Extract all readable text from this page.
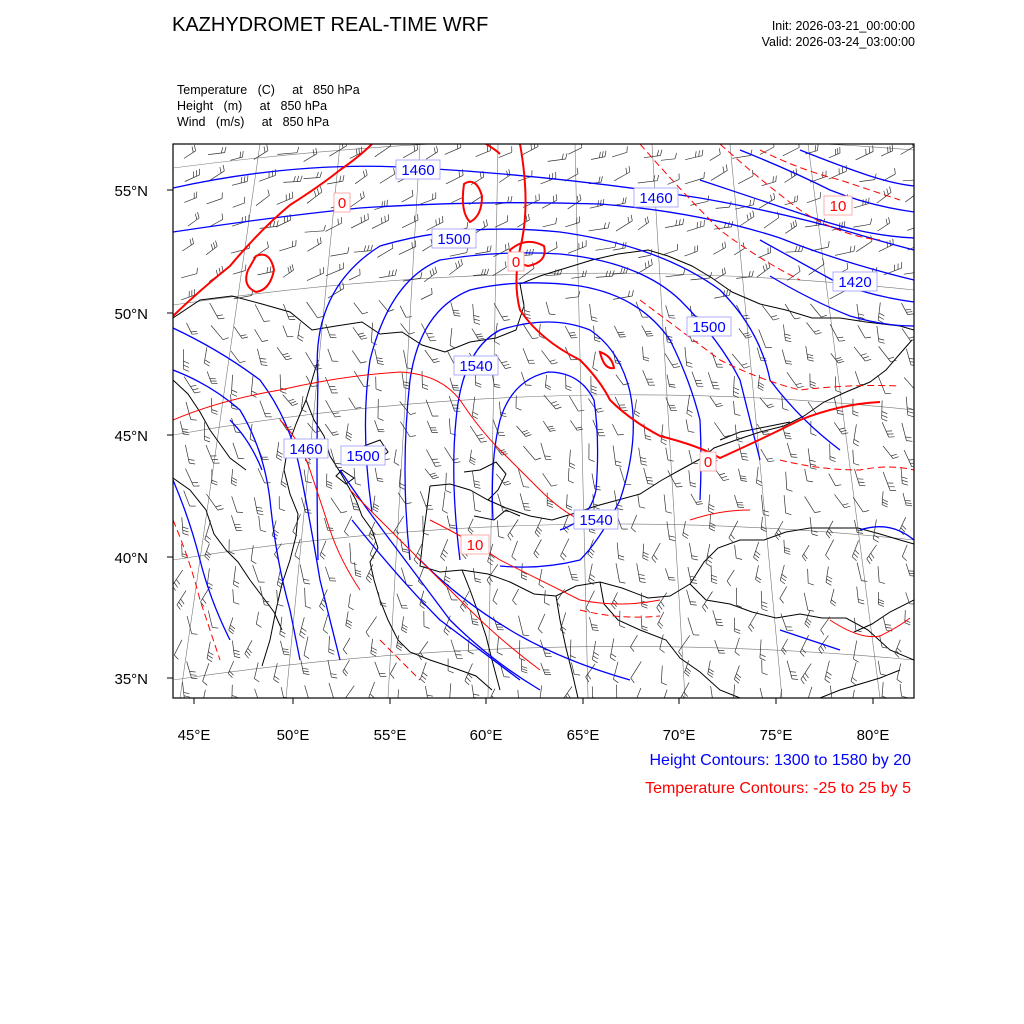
KAZHYDROMET REAL-TIME WRF	Init: 2026-03-21_00:00:00
Valid: 2026-03-24_03:00:00
Temperature   (C)     at   850 hPa
Height   (m)     at   850 hPa
Wind   (m/s)     at   850 hPa
45°E	50°E	55°E	60°E	65°E	70°E	75°E	80°E
55°N
50°N
45°N
40°N
35°N
1460
1460
1500
1420
1500
1540
1460 1500
1540
0	10
0
0
10
Height Contours: 1300 to 1580 by 20
Temperature Contours: -25 to 25 by 5
